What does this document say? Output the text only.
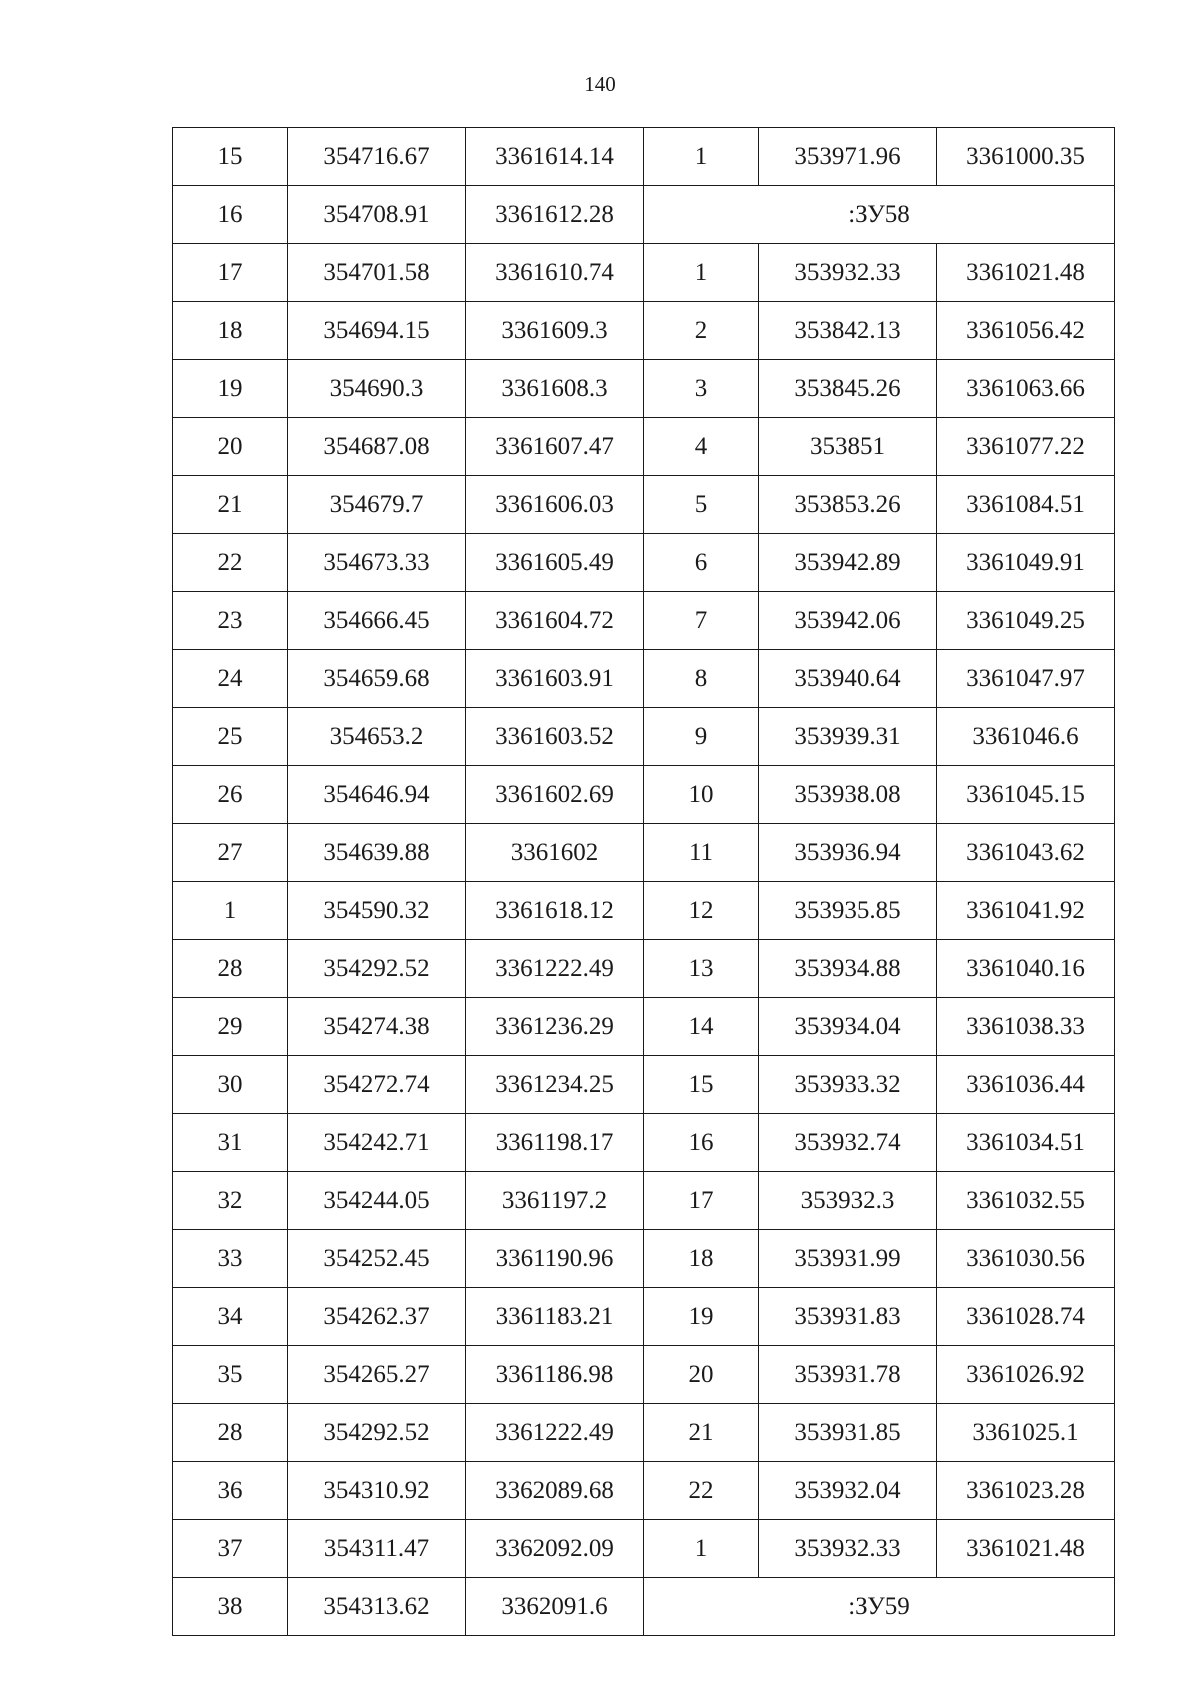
140
15	354716.67	3361614.14	1	353971.96	3361000.35
16	354708.91	3361612.28	:ЗУ58		
17	354701.58	3361610.74	1	353932.33	3361021.48
18	354694.15	3361609.3	2	353842.13	3361056.42
19	354690.3	3361608.3	3	353845.26	3361063.66
20	354687.08	3361607.47	4	353851	3361077.22
21	354679.7	3361606.03	5	353853.26	3361084.51
22	354673.33	3361605.49	6	353942.89	3361049.91
23	354666.45	3361604.72	7	353942.06	3361049.25
24	354659.68	3361603.91	8	353940.64	3361047.97
25	354653.2	3361603.52	9	353939.31	3361046.6
26	354646.94	3361602.69	10	353938.08	3361045.15
27	354639.88	3361602	11	353936.94	3361043.62
1	354590.32	3361618.12	12	353935.85	3361041.92
28	354292.52	3361222.49	13	353934.88	3361040.16
29	354274.38	3361236.29	14	353934.04	3361038.33
30	354272.74	3361234.25	15	353933.32	3361036.44
31	354242.71	3361198.17	16	353932.74	3361034.51
32	354244.05	3361197.2	17	353932.3	3361032.55
33	354252.45	3361190.96	18	353931.99	3361030.56
34	354262.37	3361183.21	19	353931.83	3361028.74
35	354265.27	3361186.98	20	353931.78	3361026.92
28	354292.52	3361222.49	21	353931.85	3361025.1
36	354310.92	3362089.68	22	353932.04	3361023.28
37	354311.47	3362092.09	1	353932.33	3361021.48
38	354313.62	3362091.6	:ЗУ59		
